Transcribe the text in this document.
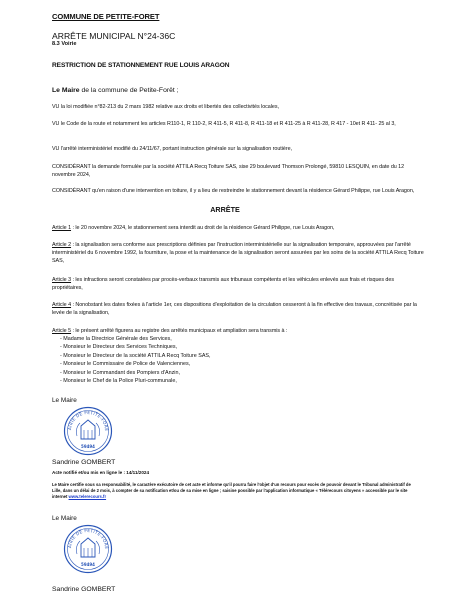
COMMUNE DE PETITE-FORET
ARRÊTE MUNICIPAL N°24-36C
8.3 Voirie
RESTRICTION DE STATIONNEMENT RUE LOUIS ARAGON
Le Maire de la commune de Petite-Forêt ;
VU la loi modifiée n°82-213 du 2 mars 1982 relative aux droits et libertés des collectivités locales,
VU le Code de la route et notamment les articles R110-1, R 110-2, R 411-5, R 411-8, R 411-18 et R 411-25 à R 411-28, R 417 - 10et R 411- 25 al 3,
VU l'arrêté interministériel modifié du 24/11/67, portant instruction générale sur la signalisation routière,
CONSIDÉRANT la demande formulée par la société ATTILA Recq Toiture SAS, sise 29 boulevard Thomson Prolongé, 59810 LESQUIN, en date du 12 novembre 2024,
CONSIDÉRANT qu'en raison d'une intervention en toiture, il y a lieu de restreindre le stationnement devant la résidence Gérard Philippe, rue Louis Aragon,
ARRÊTE
Article 1 : le 20 novembre 2024, le stationnement sera interdit au droit de la résidence Gérard Philippe, rue Louis Aragon,
Article 2 : la signalisation sera conforme aux prescriptions définies par l'instruction interministérielle sur la signalisation temporaire, approuvées par l'arrêté interministériel du 6 novembre 1992, la fourniture, la pose et la maintenance de la signalisation seront assurées par les soins de la société ATTILA Recq Toiture SAS,
Article 3 : les infractions seront constatées par procès-verbaux transmis aux tribunaux compétents et les véhicules enlevés aux frais et risques des propriétaires,
Article 4 : Nonobstant les dates fixées à l'article 1er, ces dispositions d'exploitation de la circulation cesseront à la fin effective des travaux, concrétisée par la levée de la signalisation,
Article 5 : le présent arrêté figurera au registre des arrêtés municipaux et ampliation sera transmis à :
- Madame la Directrice Générale des Services,
- Monsieur le Directeur des Services Techniques,
- Monsieur le Directeur de la société ATTILA Recq Toiture SAS,
- Monsieur le Commissaire de Police de Valenciennes,
- Monsieur le Commandant des Pompiers d'Anzin,
- Monsieur le Chef de la Police Pluri-communale,
Le Maire
AIRIE DE PETITE-FORÊ
59494
Sandrine GOMBERT
Acte notifié et/ou mis en ligne le : 14/11/2024
Le Maire certifie sous sa responsabilité, le caractère exécutoire de cet acte et informe qu'il pourra faire l'objet d'un recours pour excès de pouvoir devant le Tribunal administratif de Lille, dans un délai de 2 mois, à compter de sa notification et/ou de sa mise en ligne ; saisine possible par l'application informatique « Télérecours citoyens » accessible par le site internet www.telerecours.fr
Le Maire
AIRIE DE PETITE-FORÊ
59494
Sandrine GOMBERT
